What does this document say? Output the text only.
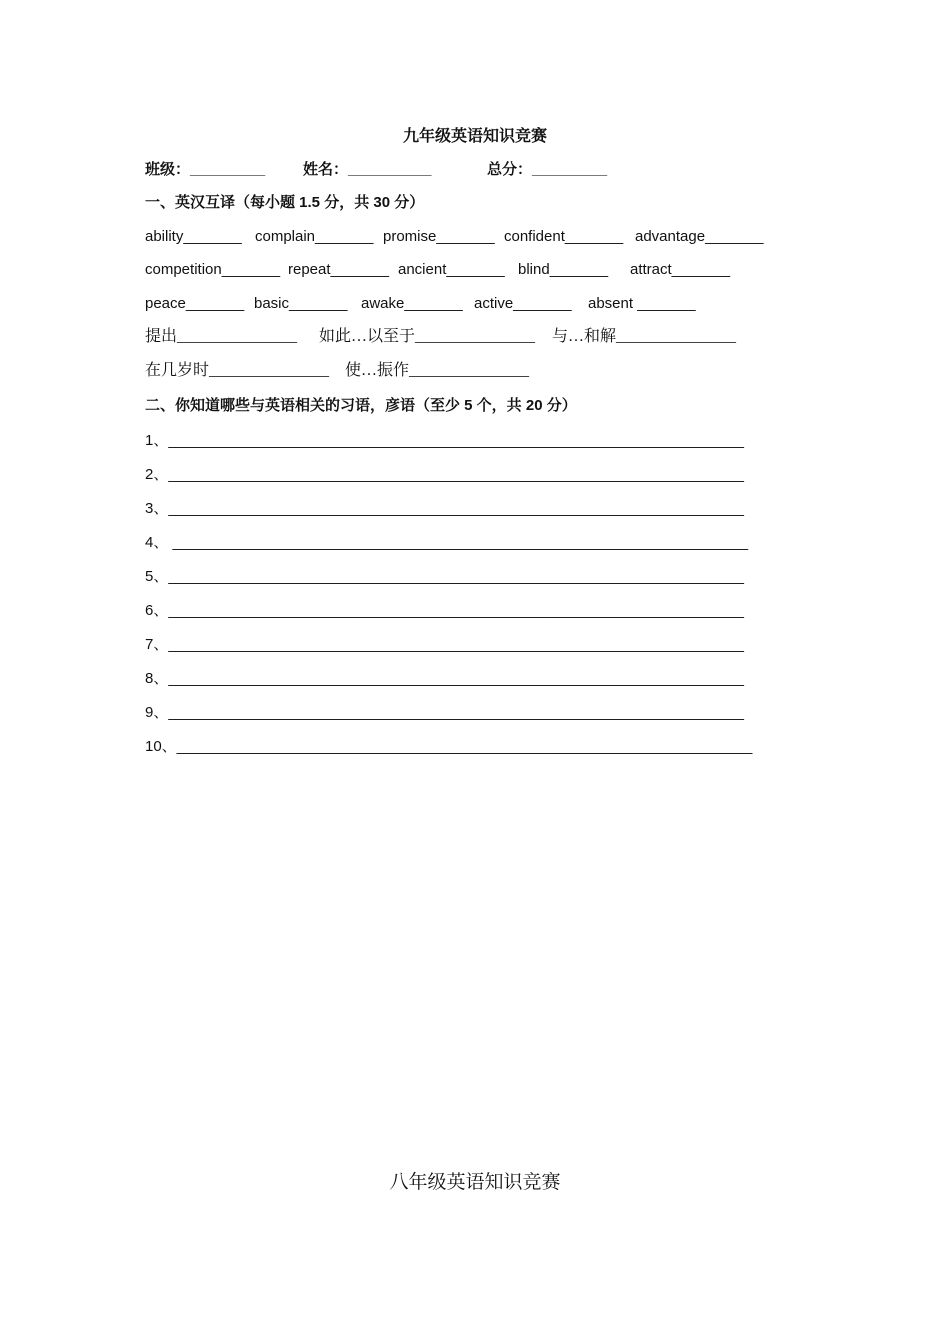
九年级英语知识竞赛
班级：_________	姓名：__________	总分：_________
一、英汉互译（每小题 1.5 分，共 30 分）
ability_______ complain_______ promise_______ confident_______ advantage_______
competition_______ repeat_______ ancient_______ blind_______ attract_______
peace_______ basic_______ awake_______ active_______ absent _______
提出_______________ 如此…以至于_______________ 与…和解_______________
在几岁时_______________ 使…振作_______________
二、你知道哪些与英语相关的习语，彦语（至少 5 个，共 20 分）
1、_____________________________________________________________________
2、_____________________________________________________________________
3、_____________________________________________________________________
4、 _____________________________________________________________________
5、_____________________________________________________________________
6、_____________________________________________________________________
7、_____________________________________________________________________
8、_____________________________________________________________________
9、_____________________________________________________________________
10、_____________________________________________________________________
八年级英语知识竞赛
